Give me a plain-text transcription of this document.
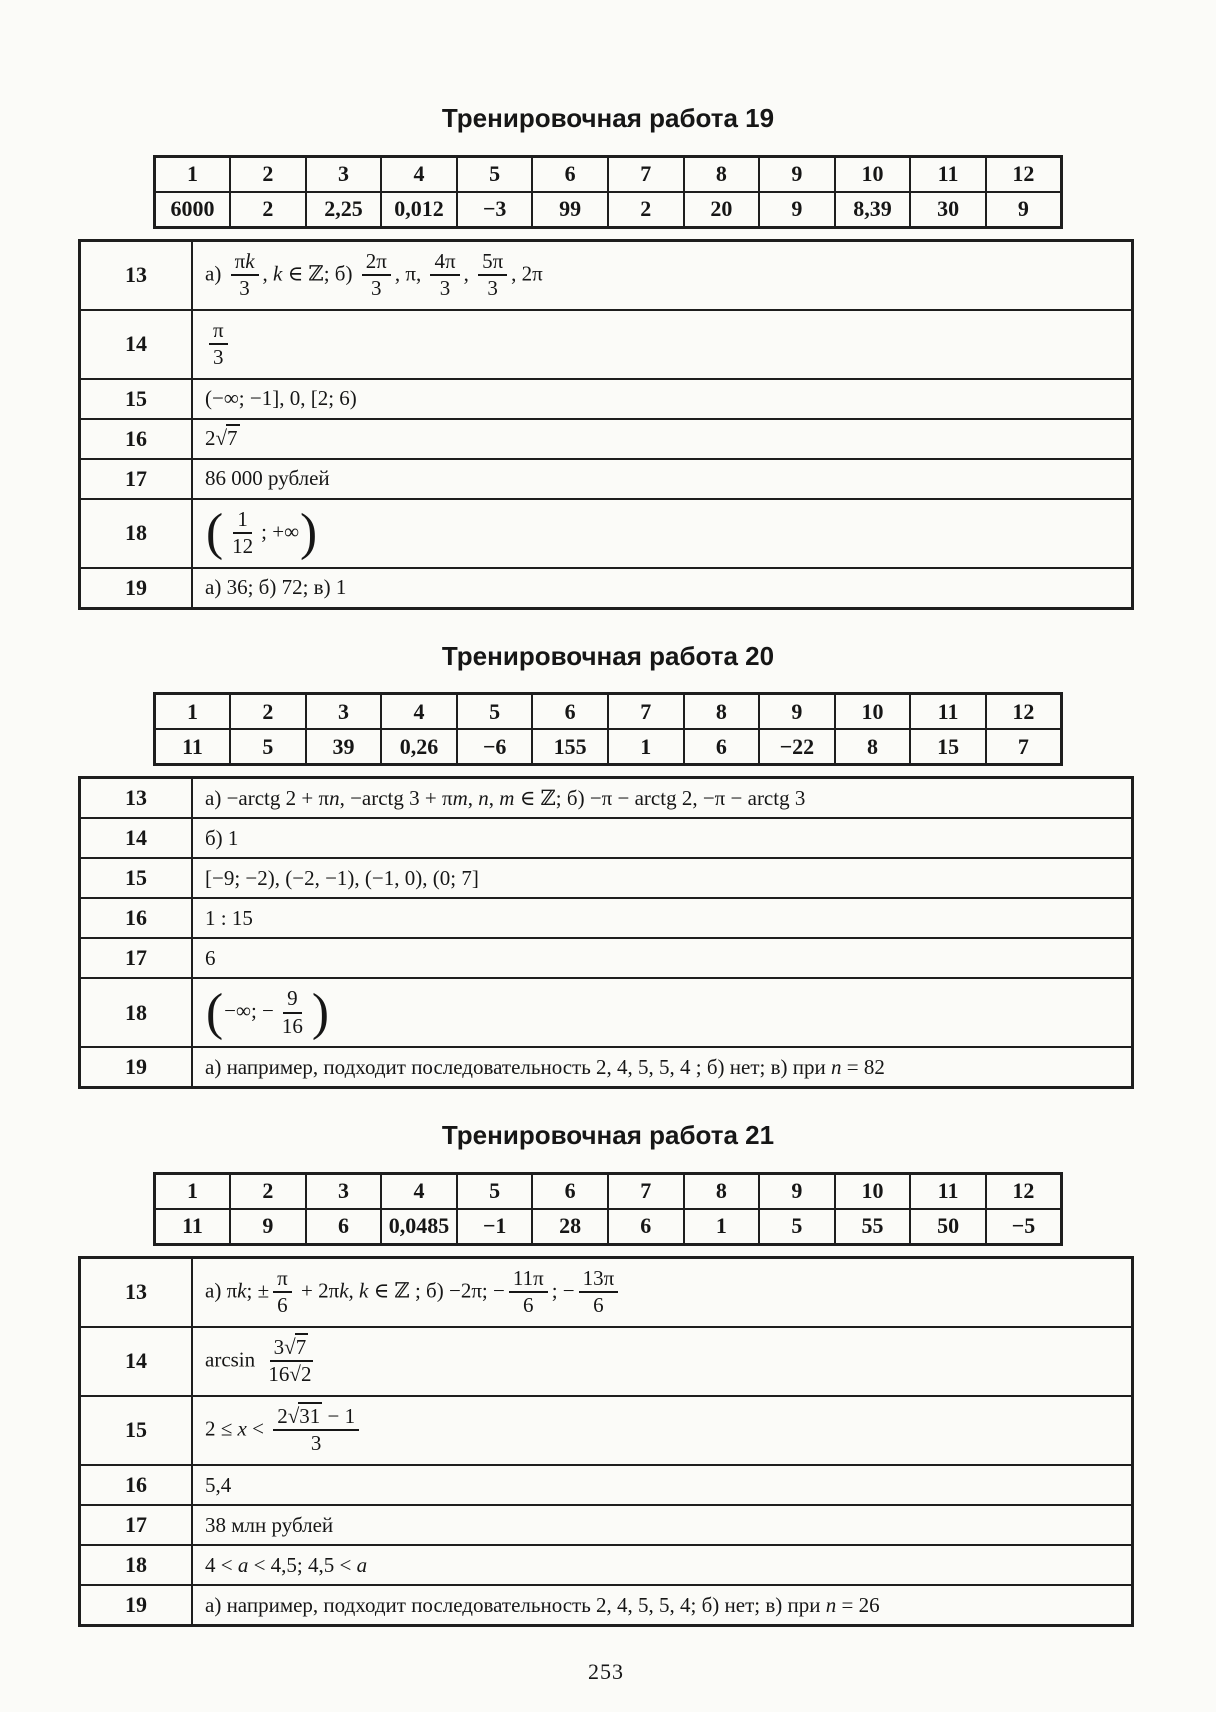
Тренировочная работа 19
1	2	3	4	5	6	7	8	9	10	11	12
6000	2	2,25	0,012	−3	99	2	20	9	8,39	30	9
13	$а) \frac{\pi k}{3}$ , k ∈ ℤ; $б) \frac{2\pi}{3}$ , π, $\frac{4\pi}{3}$ , $\frac{5\pi}{3}$ , 2π
14	$\frac{\pi}{3}$

15	(−∞; −1], 0, [2; 6)
16	2√7
17	86 000 рублей
18	( $\frac{1}{12}$ ; +∞)
19	а) 36; б) 72; в) 1
Тренировочная работа 20
1	2	3	4	5	6	7	8	9	10	11	12
11	5	39	0,26	−6	155	1	6	−22	8	15	7
13	а) −arctg 2 + πn, −arctg 3 + πm, n, m ∈ ℤ; б) −π − arctg 2, −π − arctg 3
14	б) 1
15	[−9; −2), (−2, −1), (−1, 0), (0; 7]
16	1 : 15
17	6
18	(−∞; − $\frac{9}{16}$ )
19	а) например, подходит последовательность 2, 4, 5, 5, 4 ; б) нет; в) при n = 82
Тренировочная работа 21
1	2	3	4	5	6	7	8	9	10	11	12
11	9	6	0,0485	−1	28	6	1	5	55	50	−5
13	а) πk; ± $\frac{\pi}{6} + 2\pi k$, k ∈ ℤ ; б) −2π; − $\frac{11\pi}{6}$ ; − $\frac{13\pi}{6}$

14	$\arcsin \frac{3√7}{16√2}$

15	$2 \le x < \frac{2√31 - 1}{3}$

16	5,4
17	38 млн рублей
18	4 < a < 4,5; 4,5 < a
19	а) например, подходит последовательность 2, 4, 5, 5, 4; б) нет; в) при n = 26
253
